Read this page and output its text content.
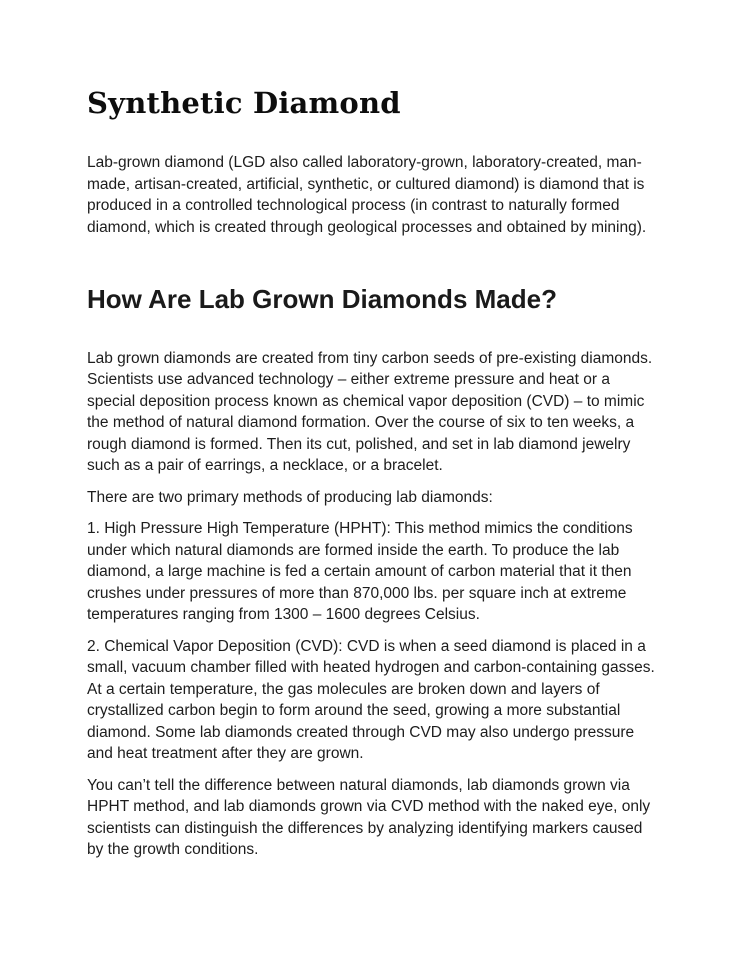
Synthetic Diamond

Lab-grown diamond (LGD also called laboratory-grown, laboratory-created, man-made, artisan-created, artificial, synthetic, or cultured diamond) is diamond that is produced in a controlled technological process (in contrast to naturally formed diamond, which is created through geological processes and obtained by mining).

How Are Lab Grown Diamonds Made?

Lab grown diamonds are created from tiny carbon seeds of pre-existing diamonds. Scientists use advanced technology – either extreme pressure and heat or a special deposition process known as chemical vapor deposition (CVD) – to mimic the method of natural diamond formation. Over the course of six to ten weeks, a rough diamond is formed. Then its cut, polished, and set in lab diamond jewelry such as a pair of earrings, a necklace, or a bracelet.

There are two primary methods of producing lab diamonds:

1. High Pressure High Temperature (HPHT): This method mimics the conditions under which natural diamonds are formed inside the earth. To produce the lab diamond, a large machine is fed a certain amount of carbon material that it then crushes under pressures of more than 870,000 lbs. per square inch at extreme temperatures ranging from 1300 – 1600 degrees Celsius.

2. Chemical Vapor Deposition (CVD): CVD is when a seed diamond is placed in a small, vacuum chamber filled with heated hydrogen and carbon-containing gasses. At a certain temperature, the gas molecules are broken down and layers of crystallized carbon begin to form around the seed, growing a more substantial diamond. Some lab diamonds created through CVD may also undergo pressure and heat treatment after they are grown.

You can’t tell the difference between natural diamonds, lab diamonds grown via HPHT method, and lab diamonds grown via CVD method with the naked eye, only scientists can distinguish the differences by analyzing identifying markers caused by the growth conditions.
